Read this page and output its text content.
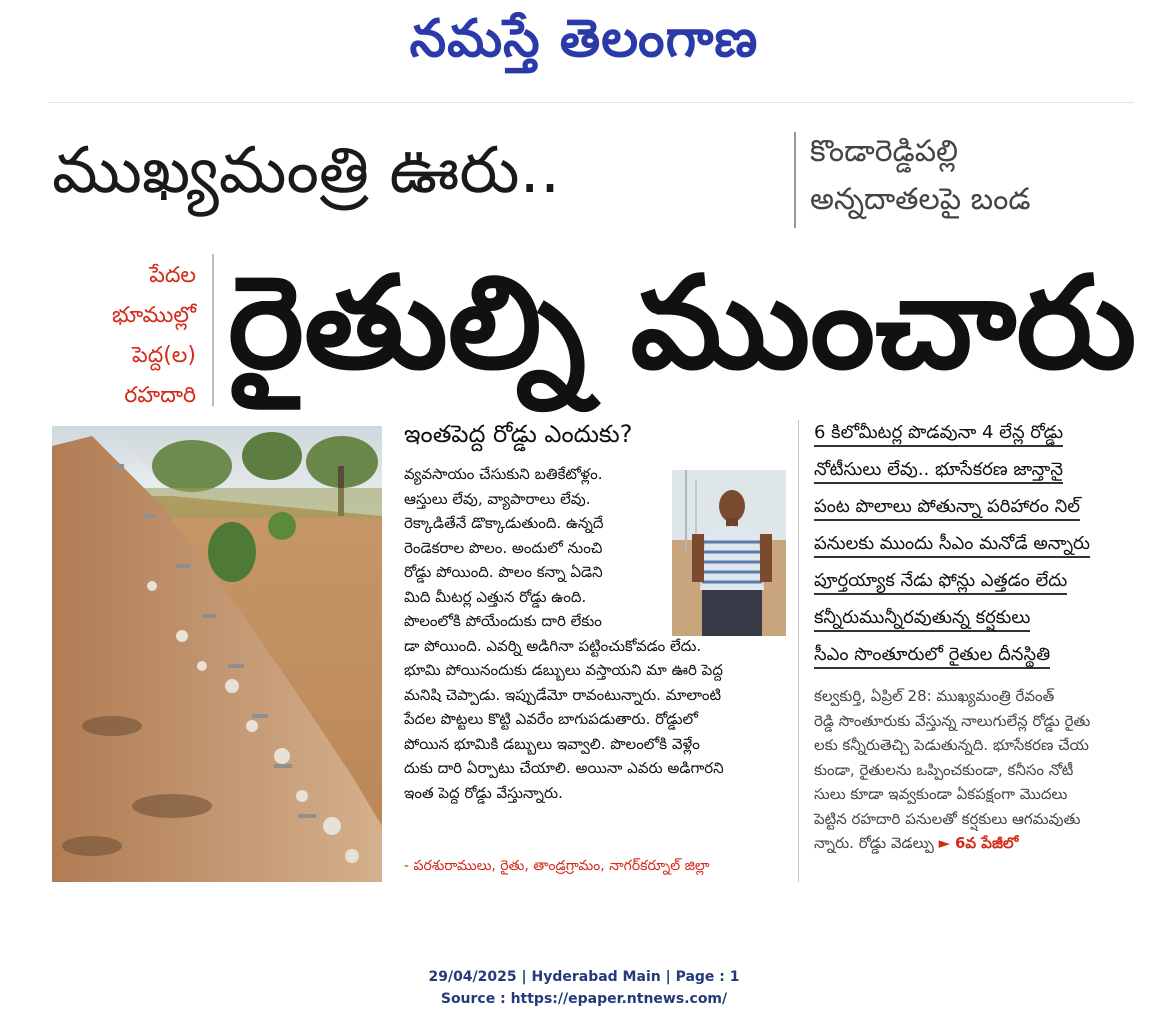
నమస్తే తెలంగాణ
ముఖ్యమంత్రి ఊరు..	కొండారెడ్డిపల్లి
అన్నదాతలపై బండ
పేదల
భూముల్లో
పెద్ద(ల)
రహదారి రైతుల్ని ముంచారు
ఇంతపెద్ద రోడ్డు ఎందుకు?
వ్యవసాయం చేసుకుని బతికేటోళ్లం.
ఆస్తులు లేవు, వ్యాపారాలు లేవు.
రెక్కాడితేనే డొక్కాడుతుంది. ఉన్నదే
రెండెకరాల పొలం. అందులో నుంచి
రోడ్డు పోయింది. పొలం కన్నా ఏడెని
మిది మీటర్ల ఎత్తున రోడ్డు ఉంది.
పొలంలోకి పోయేందుకు దారి లేకుం
డా పోయింది. ఎవర్ని అడిగినా పట్టించుకోవడం లేదు.
భూమి పోయినందుకు డబ్బులు వస్తాయని మా ఊరి పెద్ద
మనిషి చెప్పాడు. ఇప్పుడేమో రావంటున్నారు. మాలాంటి
పేదల పొట్టలు కొట్టి ఎవరేం బాగుపడుతారు. రోడ్డులో
పోయిన భూమికి డబ్బులు ఇవ్వాలి. పొలంలోకి వెళ్లేం
దుకు దారి ఏర్పాటు చేయాలి. అయినా ఎవరు అడిగారని
ఇంత పెద్ద రోడ్డు వేస్తున్నారు.
- పరశురాములు, రైతు, తాండ్రగ్రామం, నాగర్‌కర్నూల్ జిల్లా
6 కిలోమీటర్ల పొడవునా 4 లేన్ల రోడ్డు
నోటీసులు లేవు.. భూసేకరణ జాన్తానై
పంట పొలాలు పోతున్నా పరిహారం నిల్
పనులకు ముందు సీఎం మనోడే అన్నారు
పూర్తయ్యాక నేడు ఫోన్లు ఎత్తడం లేదు
కన్నీరుమున్నీరవుతున్న కర్షకులు
సీఎం సొంతూరులో రైతుల దీనస్థితి
కల్వకుర్తి, ఏప్రిల్ 28: ముఖ్యమంత్రి రేవంత్
రెడ్డి సొంతూరుకు వేస్తున్న నాలుగులేన్ల రోడ్డు రైతు
లకు కన్నీరుతెచ్చి పెడుతున్నది. భూసేకరణ చేయ
కుండా, రైతులను ఒప్పించకుండా, కనీసం నోటీ
సులు కూడా ఇవ్వకుండా ఏకపక్షంగా మొదలు
పెట్టిన రహదారి పనులతో కర్షకులు ఆగమవుతు
న్నారు. రోడ్డు వెడల్పు ► 6వ పేజీలో
29/04/2025 | Hyderabad Main | Page : 1
Source : https://epaper.ntnews.com/
